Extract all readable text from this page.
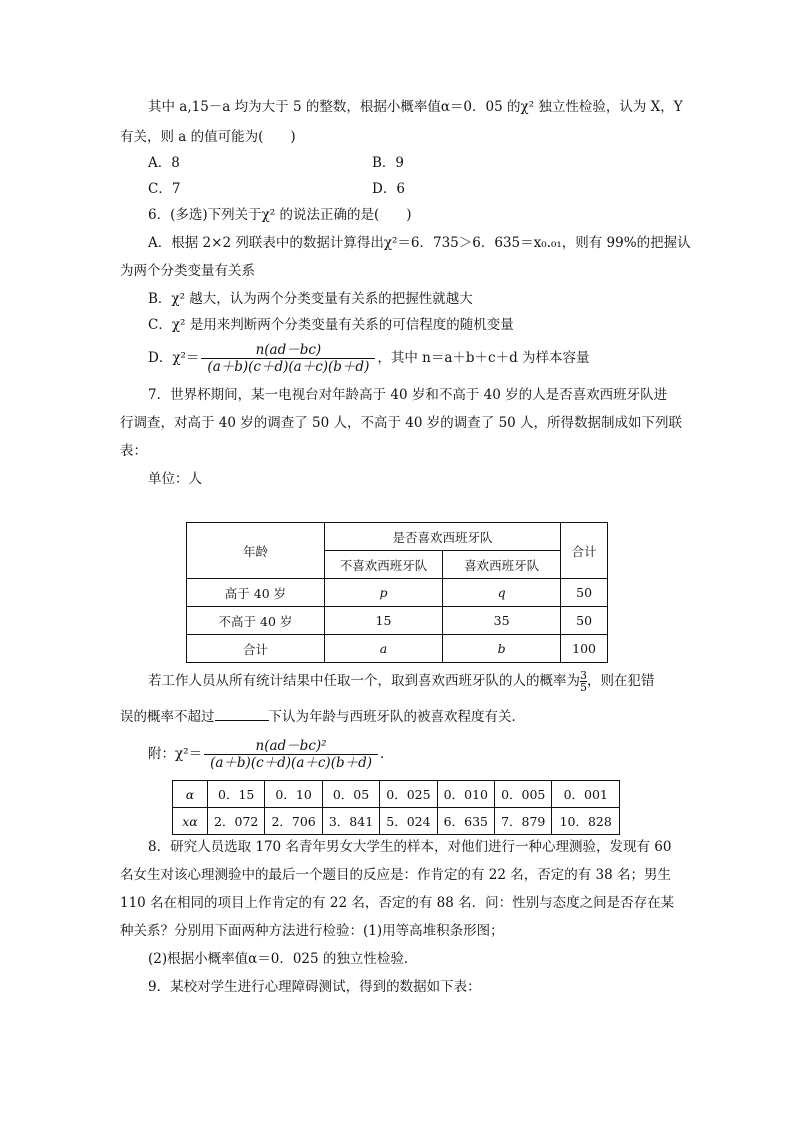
其中 a,15－a 均为大于 5 的整数，根据小概率值α＝0．05 的χ² 独立性检验，认为 X，Y
有关，则 a 的值可能为(　　)
A．8	B．9
C．7	D．6
6．(多选)下列关于χ² 的说法正确的是(　　)
A．根据 2×2 列联表中的数据计算得出χ²＝6．735＞6．635＝x₀.₀₁，则有 99%的把握认
为两个分类变量有关系
B．χ² 越大，认为两个分类变量有关系的把握性就越大
C．χ² 是用来判断两个分类变量有关系的可信程度的随机变量
D．$\chi^2= \frac{n(ad-bc)}{(a+b)(c+d)(a+c)(b+d)}$ ，其中 n＝a＋b＋c＋d 为样本容量
7．世界杯期间，某一电视台对年龄高于 40 岁和不高于 40 岁的人是否喜欢西班牙队进
行调查，对高于 40 岁的调查了 50 人，不高于 40 岁的调查了 50 人，所得数据制成如下列联
表：
单位：人
年龄	是否喜欢西班牙队		合计
	不喜欢西班牙队	喜欢西班牙队	
高于 40 岁	p	q	50
不高于 40 岁	15	35	50
合计	a	b	100
若工作人员从所有统计结果中任取一个，取到喜欢西班牙队的人的概率为 $\frac{3}{5}$ ，则在犯错
误的概率不超过	下认为年龄与西班牙队的被喜欢程度有关．
附：$\chi^2= \frac{\text{n(ad－bc)²}}{(a+b)(c+d)(a+c)(b+d)}$ ．
α	0．15	0．10	0．05	0．025	0．010	0．005	0．001
xα	2．072	2．706	3．841	5．024	6．635	7．879	10．828
8．研究人员选取 170 名青年男女大学生的样本，对他们进行一种心理测验，发现有 60
名女生对该心理测验中的最后一个题目的反应是：作肯定的有 22 名，否定的有 38 名；男生
110 名在相同的项目上作肯定的有 22 名，否定的有 88 名．问：性别与态度之间是否存在某
种关系？分别用下面两种方法进行检验：(1)用等高堆积条形图；
(2)根据小概率值α＝0．025 的独立性检验．
9．某校对学生进行心理障碍测试，得到的数据如下表：
